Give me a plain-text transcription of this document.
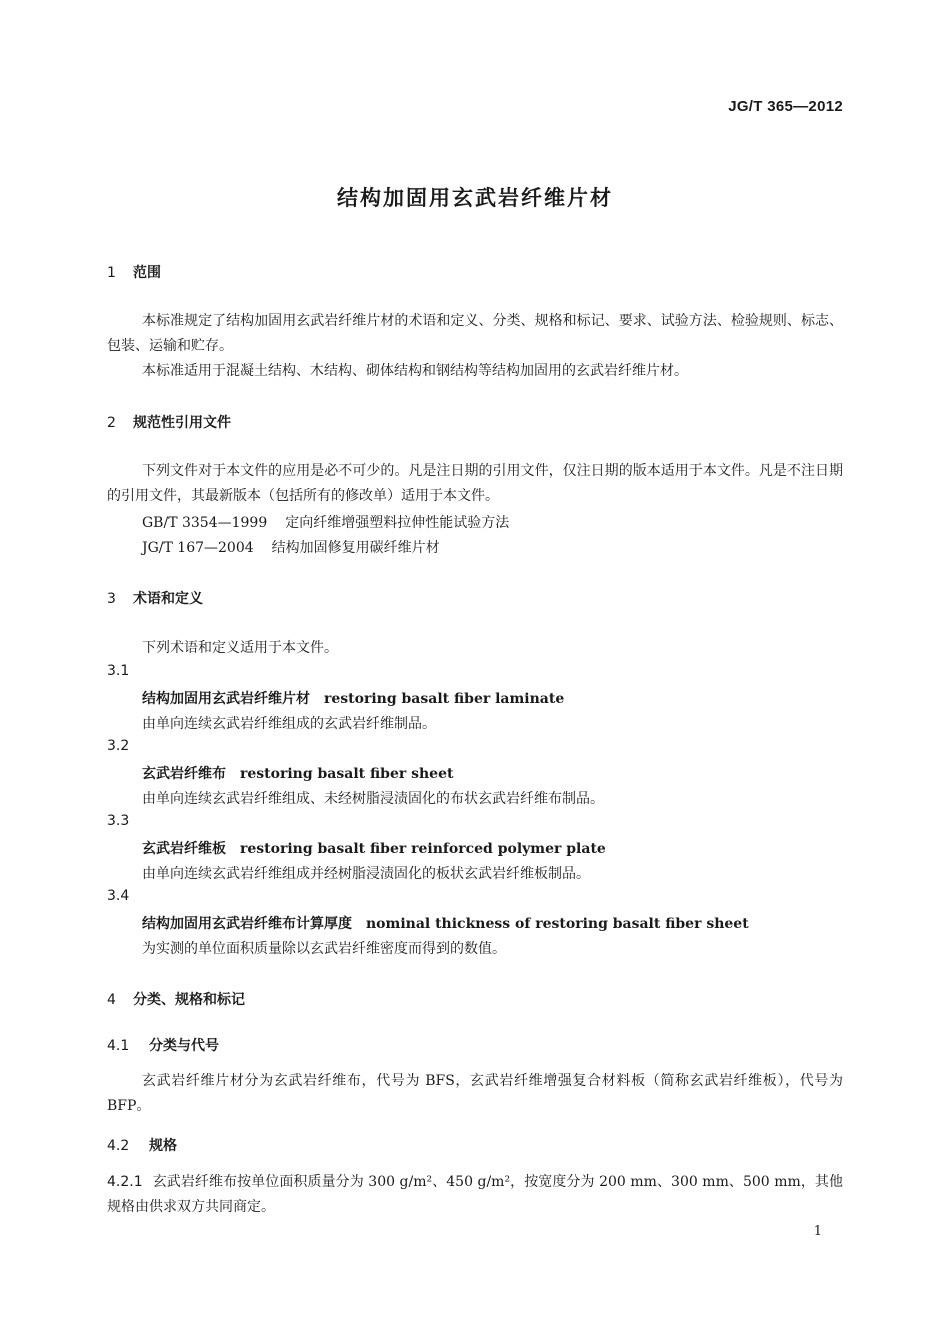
JG/T 365—2012
结构加固用玄武岩纤维片材
1 范围
本标准规定了结构加固用玄武岩纤维片材的术语和定义、分类、规格和标记、要求、试验方法、检验规则、标志、包装、运输和贮存。
本标准适用于混凝土结构、木结构、砌体结构和钢结构等结构加固用的玄武岩纤维片材。
2 规范性引用文件
下列文件对于本文件的应用是必不可少的。凡是注日期的引用文件，仅注日期的版本适用于本文件。凡是不注日期的引用文件，其最新版本（包括所有的修改单）适用于本文件。
GB/T 3354—1999 定向纤维增强塑料拉伸性能试验方法
JG/T 167—2004 结构加固修复用碳纤维片材
3 术语和定义
下列术语和定义适用于本文件。
3.1
结构加固用玄武岩纤维片材 restoring basalt fiber laminate
由单向连续玄武岩纤维组成的玄武岩纤维制品。
3.2
玄武岩纤维布 restoring basalt fiber sheet
由单向连续玄武岩纤维组成、未经树脂浸渍固化的布状玄武岩纤维布制品。
3.3
玄武岩纤维板 restoring basalt fiber reinforced polymer plate
由单向连续玄武岩纤维组成并经树脂浸渍固化的板状玄武岩纤维板制品。
3.4
结构加固用玄武岩纤维布计算厚度 nominal thickness of restoring basalt fiber sheet
为实测的单位面积质量除以玄武岩纤维密度而得到的数值。
4 分类、规格和标记
4.1 分类与代号
玄武岩纤维片材分为玄武岩纤维布，代号为 BFS，玄武岩纤维增强复合材料板（简称玄武岩纤维板），代号为 BFP。
4.2 规格
4.2.1 玄武岩纤维布按单位面积质量分为 300 g/m²、450 g/m²，按宽度分为 200 mm、300 mm、500 mm，其他规格由供求双方共同商定。
1
